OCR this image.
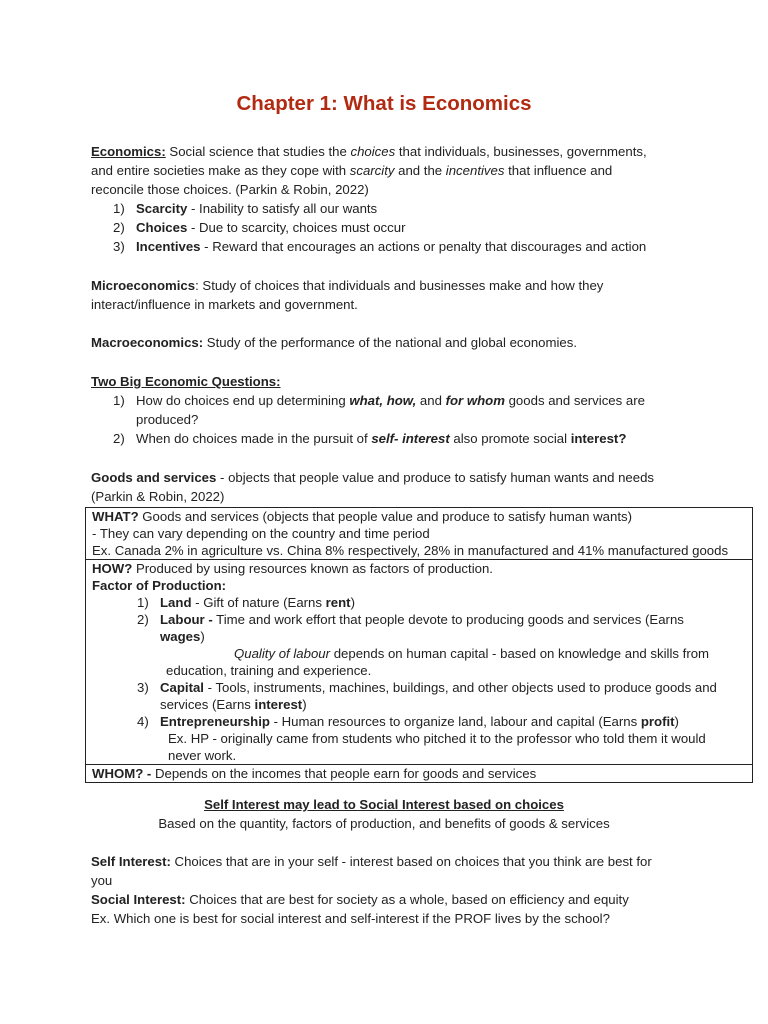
Chapter 1: What is Economics

Economics: Social science that studies the choices that individuals, businesses, governments,

and entire societies make as they cope with scarcity and the incentives that influence and

reconcile those choices. (Parkin & Robin, 2022)

1) Scarcity - Inability to satisfy all our wants

2) Choices - Due to scarcity, choices must occur

3) Incentives - Reward that encourages an actions or penalty that discourages and action

Microeconomics: Study of choices that individuals and businesses make and how they

interact/influence in markets and government.

Macroeconomics: Study of the performance of the national and global economies.

Two Big Economic Questions:

1) How do choices end up determining what, how, and for whom goods and services are

produced?

2) When do choices made in the pursuit of self- interest also promote social interest?

Goods and services - objects that people value and produce to satisfy human wants and needs

(Parkin & Robin, 2022)

WHAT? Goods and services (objects that people value and produce to satisfy human wants)
- They can vary depending on the country and time period
Ex. Canada 2% in agriculture vs. China 8% respectively, 28% in manufactured and 41% manufactured goods

HOW? Produced by using resources known as factors of production.
Factor of Production:
1) Land - Gift of nature (Earns rent)
2) Labour - Time and work effort that people devote to producing goods and services (Earns
wages)
Quality of labour depends on human capital - based on knowledge and skills from
education, training and experience.
3) Capital - Tools, instruments, machines, buildings, and other objects used to produce goods and
services (Earns interest)
4) Entrepreneurship - Human resources to organize land, labour and capital (Earns profit)
Ex. HP - originally came from students who pitched it to the professor who told them it would
never work.

WHOM? - Depends on the incomes that people earn for goods and services
Self Interest may lead to Social Interest based on choices
Based on the quantity, factors of production, and benefits of goods & services

Self Interest: Choices that are in your self - interest based on choices that you think are best for

you

Social Interest: Choices that are best for society as a whole, based on efficiency and equity

Ex. Which one is best for social interest and self-interest if the PROF lives by the school?
